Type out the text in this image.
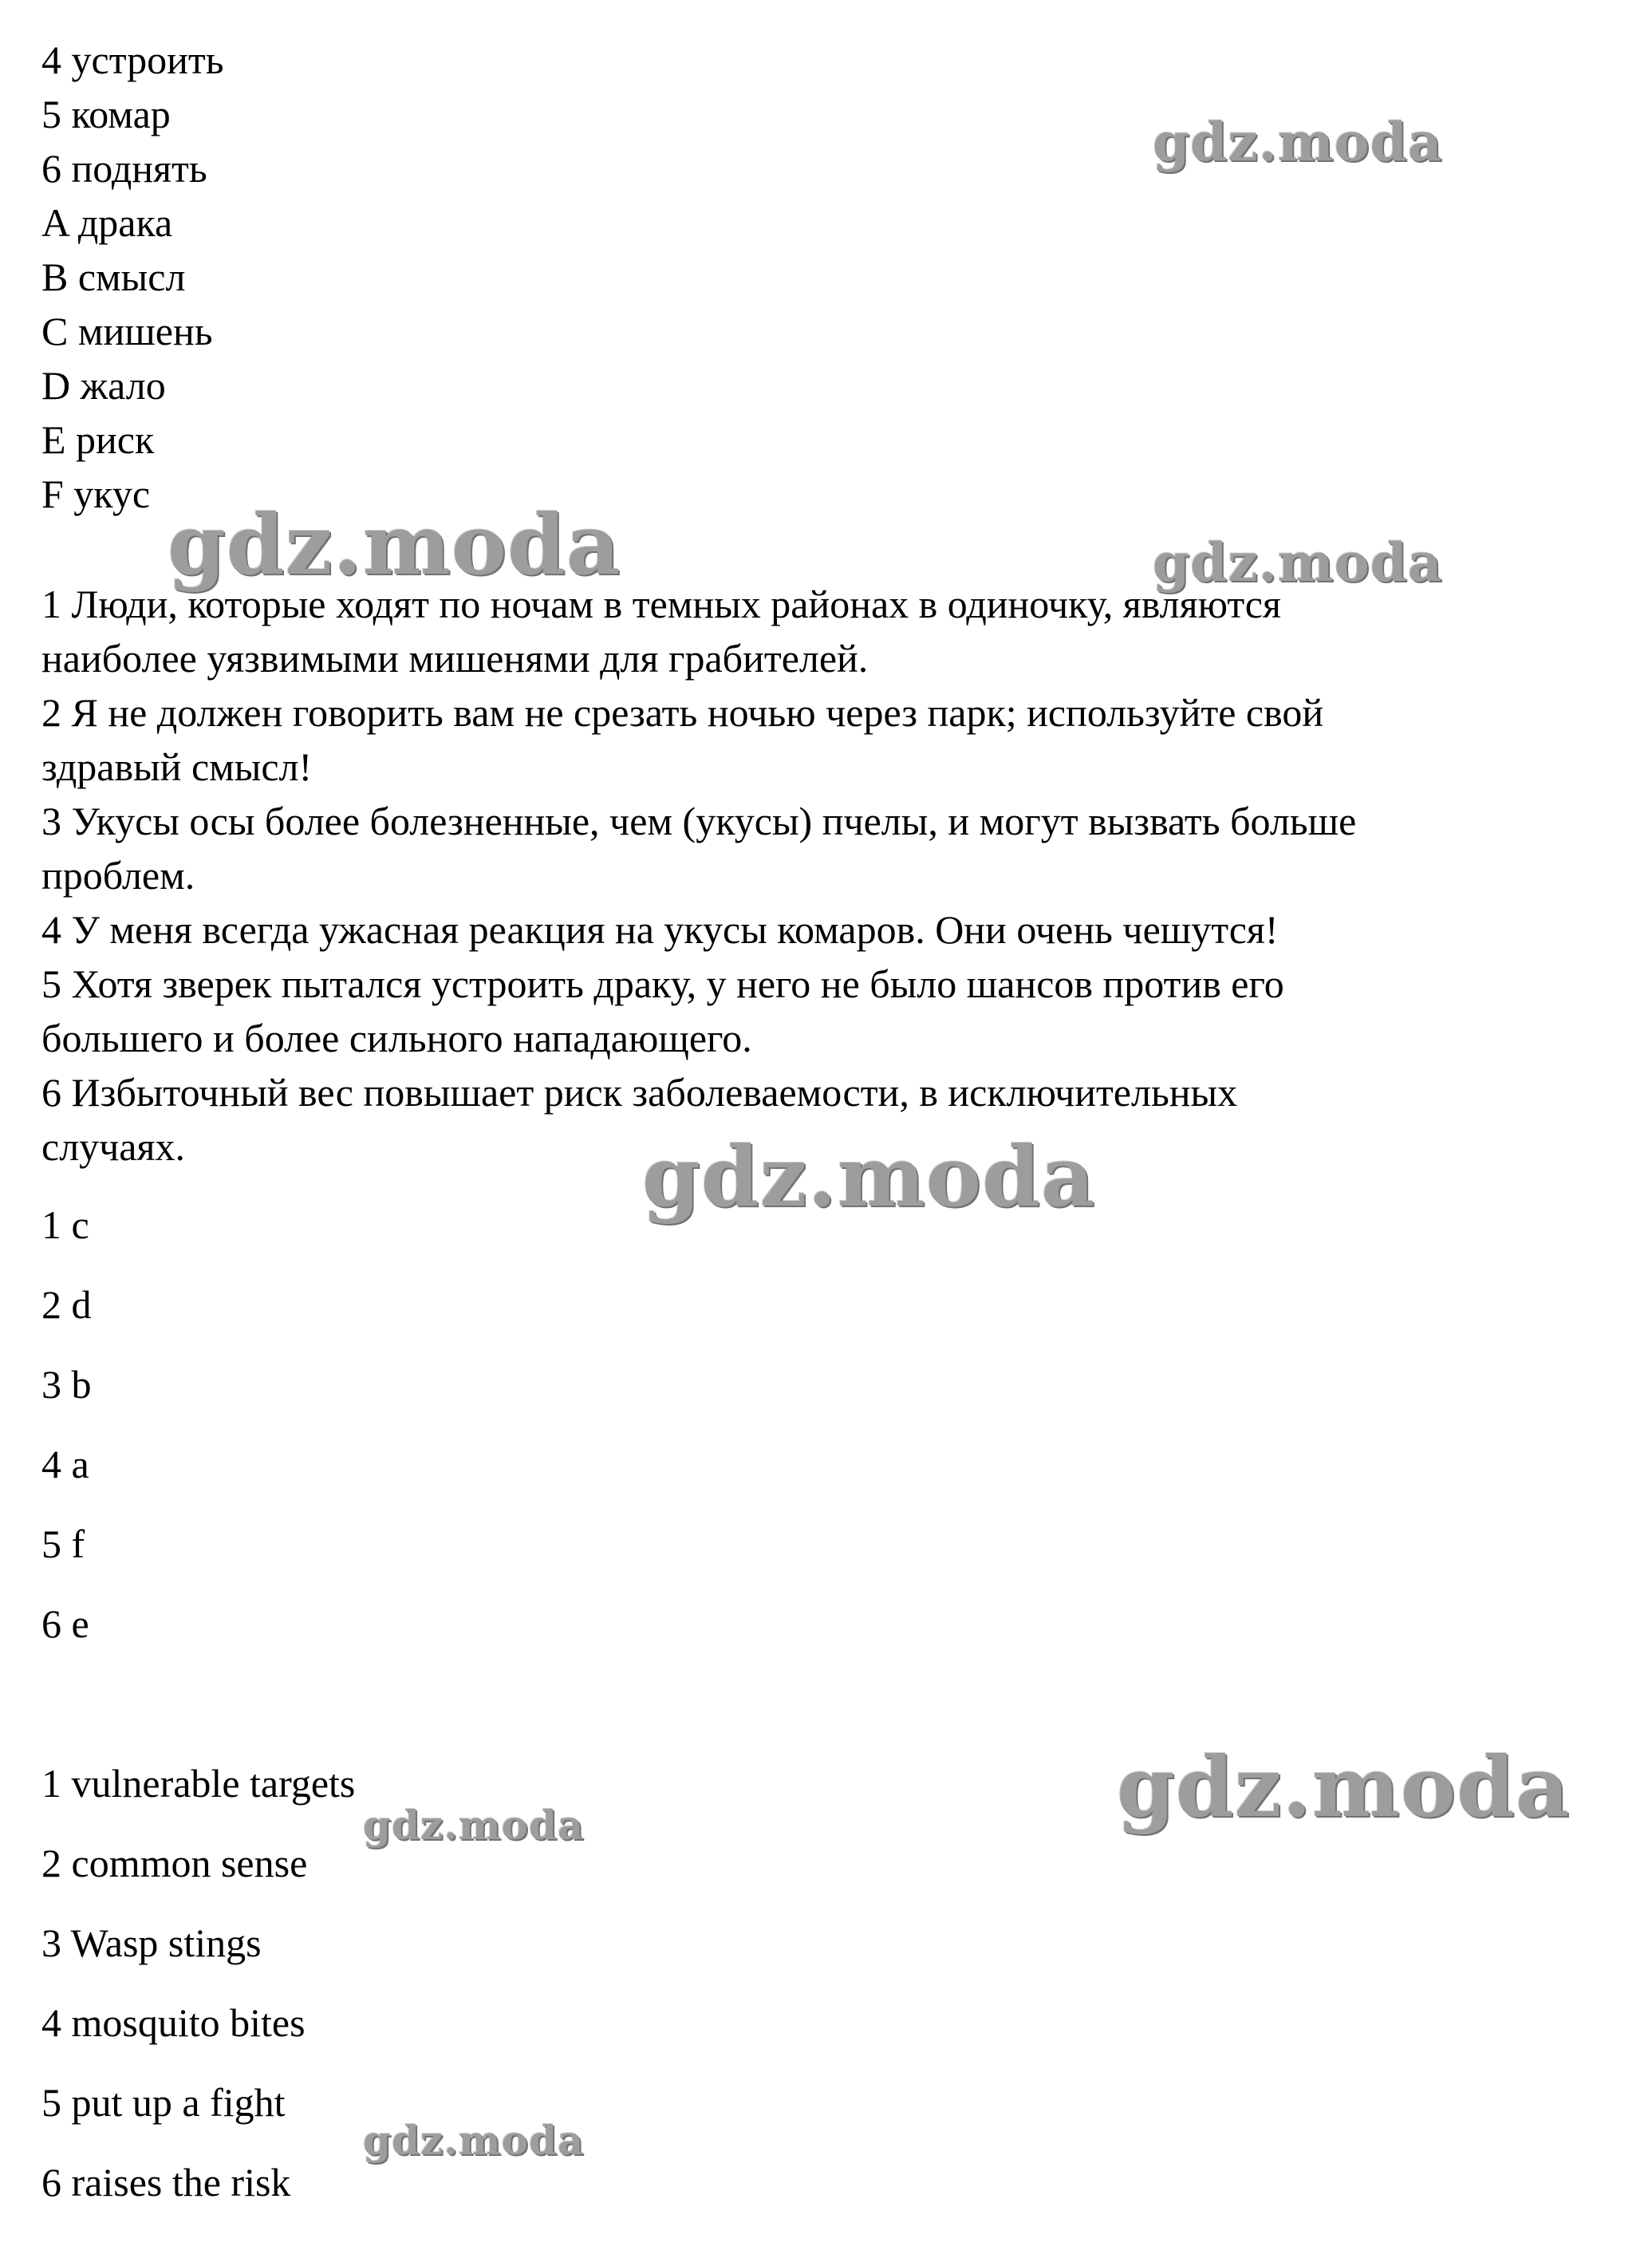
4 устроить

5 комар

6 поднять

A драка

B смысл

C мишень

D жало

E риск

F укус

1 Люди, которые ходят по ночам в темных районах в одиночку, являются

наиболее уязвимыми мишенями для грабителей.

2 Я не должен говорить вам не срезать ночью через парк; используйте свой

здравый смысл!

3 Укусы осы более болезненные, чем (укусы) пчелы, и могут вызвать больше

проблем.

4 У меня всегда ужасная реакция на укусы комаров. Они очень чешутся!

5 Хотя зверек пытался устроить драку, у него не было шансов против его

большего и более сильного нападающего.

6 Избыточный вес повышает риск заболеваемости, в исключительных

случаях.

1 c

2 d

3 b

4 a

5 f

6 e

1 vulnerable targets

2 common sense

3 Wasp stings

4 mosquito bites

5 put up a fight

6 raises the risk

gdz.moda
gdz.moda	gdz.moda
gdz.moda
gdz.moda
gdz.moda
gdz.moda
